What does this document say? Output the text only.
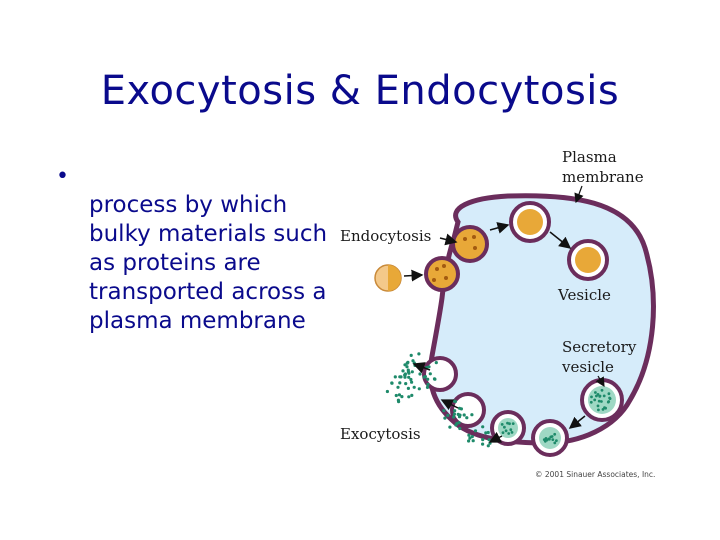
Exocytosis & Endocytosis
•

process by which bulky materials such as proteins are transported across a plasma membrane

Plasma
membrane
Endocytosis
Vesicle
Secretory
vesicle
Exocytosis
© 2001 Sinauer Associates, Inc.
